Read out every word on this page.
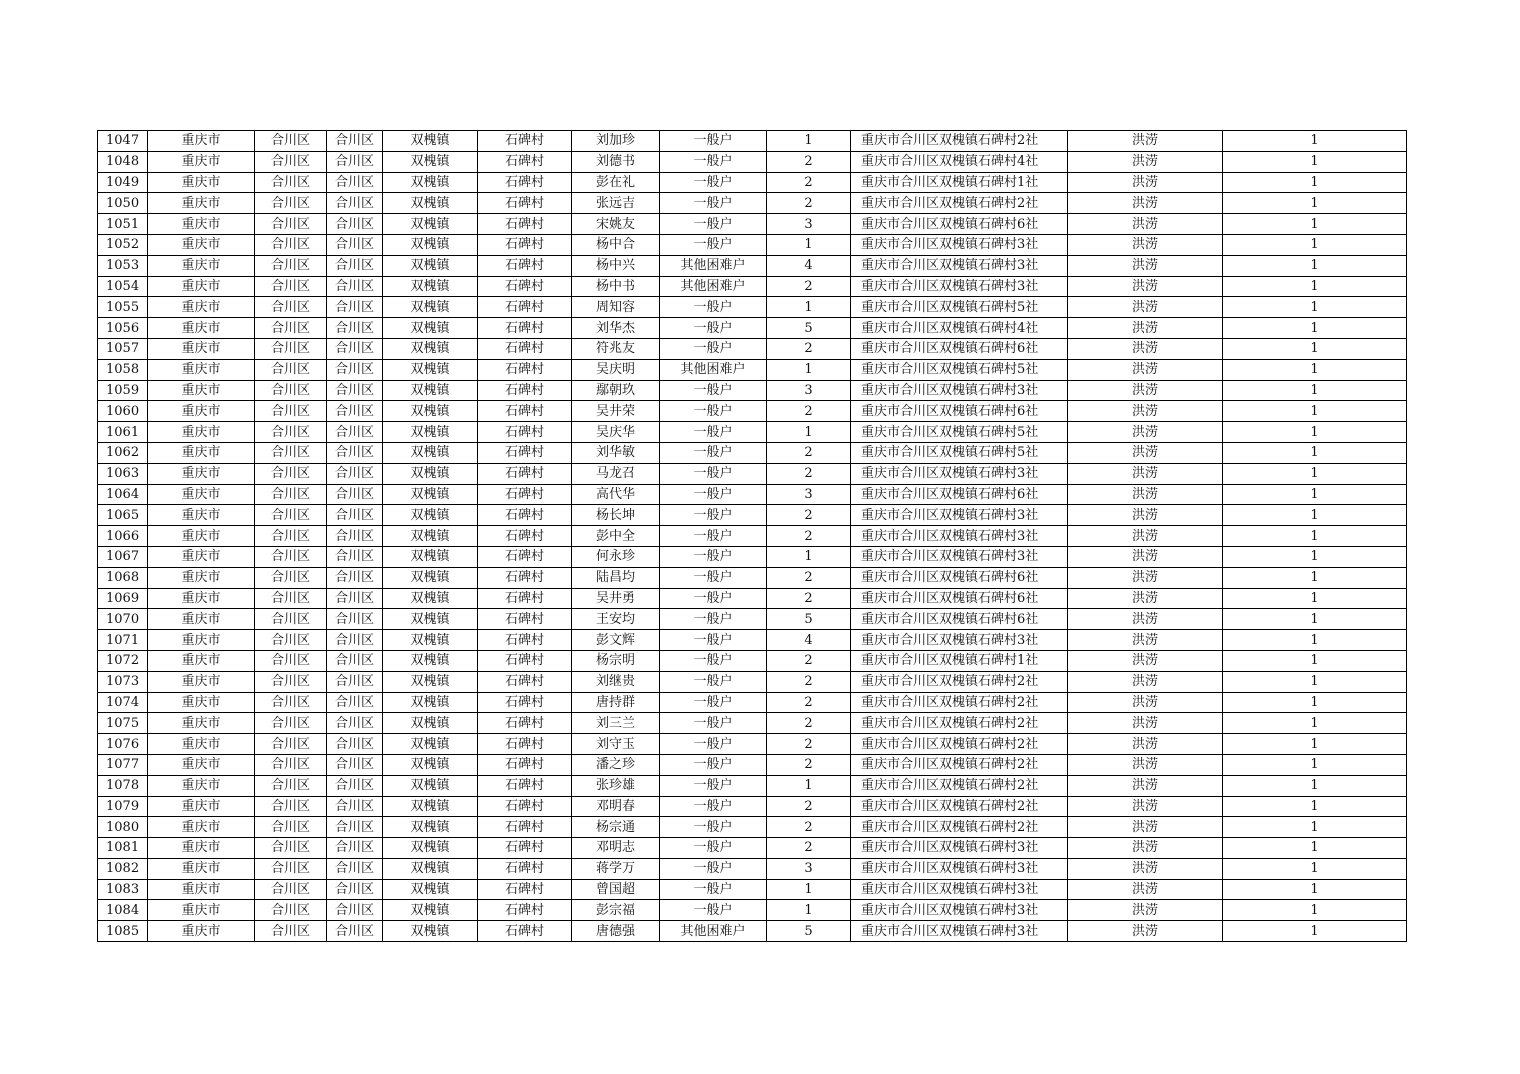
1047	重庆市	合川区	合川区	双槐镇	石碑村	刘加珍	一般户	1	重庆市合川区双槐镇石碑村2社	洪涝	1
1048	重庆市	合川区	合川区	双槐镇	石碑村	刘德书	一般户	2	重庆市合川区双槐镇石碑村4社	洪涝	1
1049	重庆市	合川区	合川区	双槐镇	石碑村	彭在礼	一般户	2	重庆市合川区双槐镇石碑村1社	洪涝	1
1050	重庆市	合川区	合川区	双槐镇	石碑村	张远吉	一般户	2	重庆市合川区双槐镇石碑村2社	洪涝	1
1051	重庆市	合川区	合川区	双槐镇	石碑村	宋姚友	一般户	3	重庆市合川区双槐镇石碑村6社	洪涝	1
1052	重庆市	合川区	合川区	双槐镇	石碑村	杨中合	一般户	1	重庆市合川区双槐镇石碑村3社	洪涝	1
1053	重庆市	合川区	合川区	双槐镇	石碑村	杨中兴	其他困难户	4	重庆市合川区双槐镇石碑村3社	洪涝	1
1054	重庆市	合川区	合川区	双槐镇	石碑村	杨中书	其他困难户	2	重庆市合川区双槐镇石碑村3社	洪涝	1
1055	重庆市	合川区	合川区	双槐镇	石碑村	周知容	一般户	1	重庆市合川区双槐镇石碑村5社	洪涝	1
1056	重庆市	合川区	合川区	双槐镇	石碑村	刘华杰	一般户	5	重庆市合川区双槐镇石碑村4社	洪涝	1
1057	重庆市	合川区	合川区	双槐镇	石碑村	符兆友	一般户	2	重庆市合川区双槐镇石碑村6社	洪涝	1
1058	重庆市	合川区	合川区	双槐镇	石碑村	吴庆明	其他困难户	1	重庆市合川区双槐镇石碑村5社	洪涝	1
1059	重庆市	合川区	合川区	双槐镇	石碑村	鄢朝玖	一般户	3	重庆市合川区双槐镇石碑村3社	洪涝	1
1060	重庆市	合川区	合川区	双槐镇	石碑村	吴井荣	一般户	2	重庆市合川区双槐镇石碑村6社	洪涝	1
1061	重庆市	合川区	合川区	双槐镇	石碑村	吴庆华	一般户	1	重庆市合川区双槐镇石碑村5社	洪涝	1
1062	重庆市	合川区	合川区	双槐镇	石碑村	刘华敏	一般户	2	重庆市合川区双槐镇石碑村5社	洪涝	1
1063	重庆市	合川区	合川区	双槐镇	石碑村	马龙召	一般户	2	重庆市合川区双槐镇石碑村3社	洪涝	1
1064	重庆市	合川区	合川区	双槐镇	石碑村	高代华	一般户	3	重庆市合川区双槐镇石碑村6社	洪涝	1
1065	重庆市	合川区	合川区	双槐镇	石碑村	杨长坤	一般户	2	重庆市合川区双槐镇石碑村3社	洪涝	1
1066	重庆市	合川区	合川区	双槐镇	石碑村	彭中全	一般户	2	重庆市合川区双槐镇石碑村3社	洪涝	1
1067	重庆市	合川区	合川区	双槐镇	石碑村	何永珍	一般户	1	重庆市合川区双槐镇石碑村3社	洪涝	1
1068	重庆市	合川区	合川区	双槐镇	石碑村	陆昌均	一般户	2	重庆市合川区双槐镇石碑村6社	洪涝	1
1069	重庆市	合川区	合川区	双槐镇	石碑村	吴井勇	一般户	2	重庆市合川区双槐镇石碑村6社	洪涝	1
1070	重庆市	合川区	合川区	双槐镇	石碑村	王安均	一般户	5	重庆市合川区双槐镇石碑村6社	洪涝	1
1071	重庆市	合川区	合川区	双槐镇	石碑村	彭文辉	一般户	4	重庆市合川区双槐镇石碑村3社	洪涝	1
1072	重庆市	合川区	合川区	双槐镇	石碑村	杨宗明	一般户	2	重庆市合川区双槐镇石碑村1社	洪涝	1
1073	重庆市	合川区	合川区	双槐镇	石碑村	刘继贵	一般户	2	重庆市合川区双槐镇石碑村2社	洪涝	1
1074	重庆市	合川区	合川区	双槐镇	石碑村	唐持群	一般户	2	重庆市合川区双槐镇石碑村2社	洪涝	1
1075	重庆市	合川区	合川区	双槐镇	石碑村	刘三兰	一般户	2	重庆市合川区双槐镇石碑村2社	洪涝	1
1076	重庆市	合川区	合川区	双槐镇	石碑村	刘守玉	一般户	2	重庆市合川区双槐镇石碑村2社	洪涝	1
1077	重庆市	合川区	合川区	双槐镇	石碑村	潘之珍	一般户	2	重庆市合川区双槐镇石碑村2社	洪涝	1
1078	重庆市	合川区	合川区	双槐镇	石碑村	张珍雄	一般户	1	重庆市合川区双槐镇石碑村2社	洪涝	1
1079	重庆市	合川区	合川区	双槐镇	石碑村	邓明春	一般户	2	重庆市合川区双槐镇石碑村2社	洪涝	1
1080	重庆市	合川区	合川区	双槐镇	石碑村	杨宗通	一般户	2	重庆市合川区双槐镇石碑村2社	洪涝	1
1081	重庆市	合川区	合川区	双槐镇	石碑村	邓明志	一般户	2	重庆市合川区双槐镇石碑村3社	洪涝	1
1082	重庆市	合川区	合川区	双槐镇	石碑村	蒋学万	一般户	3	重庆市合川区双槐镇石碑村3社	洪涝	1
1083	重庆市	合川区	合川区	双槐镇	石碑村	曾国超	一般户	1	重庆市合川区双槐镇石碑村3社	洪涝	1
1084	重庆市	合川区	合川区	双槐镇	石碑村	彭宗福	一般户	1	重庆市合川区双槐镇石碑村3社	洪涝	1
1085	重庆市	合川区	合川区	双槐镇	石碑村	唐德强	其他困难户	5	重庆市合川区双槐镇石碑村3社	洪涝	1
